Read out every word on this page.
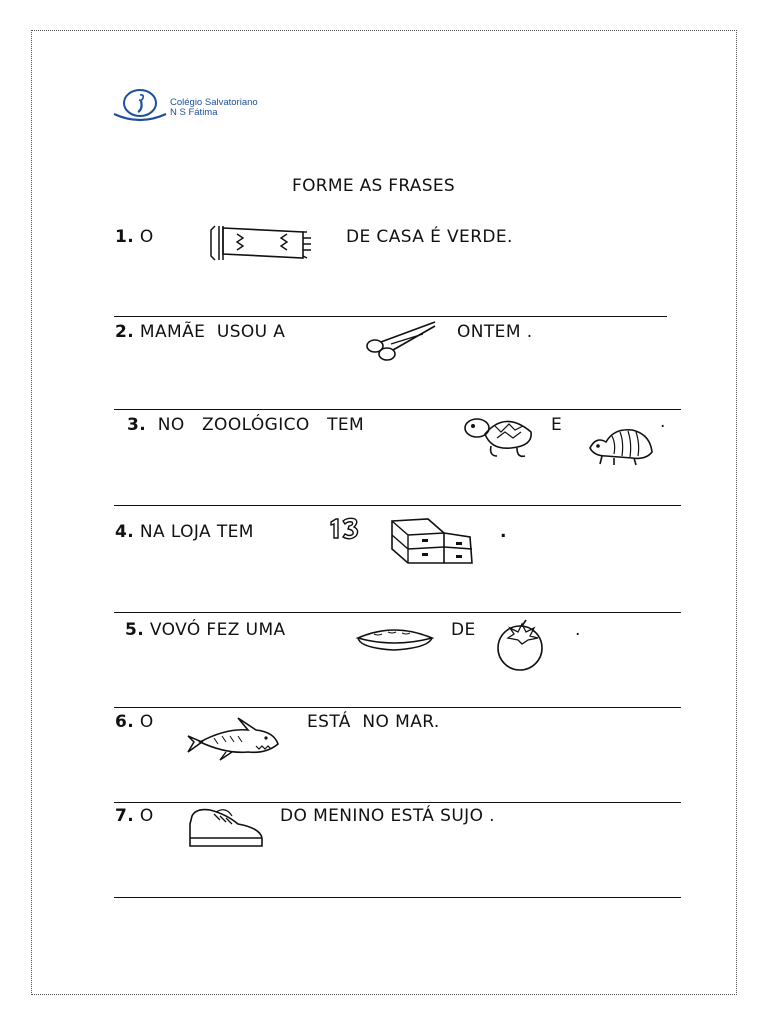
Colégio Salvatoriano
N S Fátima
FORME AS FRASES
1. O	DE CASA É VERDE.
2. MAMÃE  USOU A	ONTEM .
3. NO   ZOOLÓGICO   TEM	E	.
4. NA LOJA TEM	.
5. VOVÓ FEZ UMA	DE	.
6. O	ESTÁ  NO MAR.
7. O	DO MENINO ESTÁ SUJO .
